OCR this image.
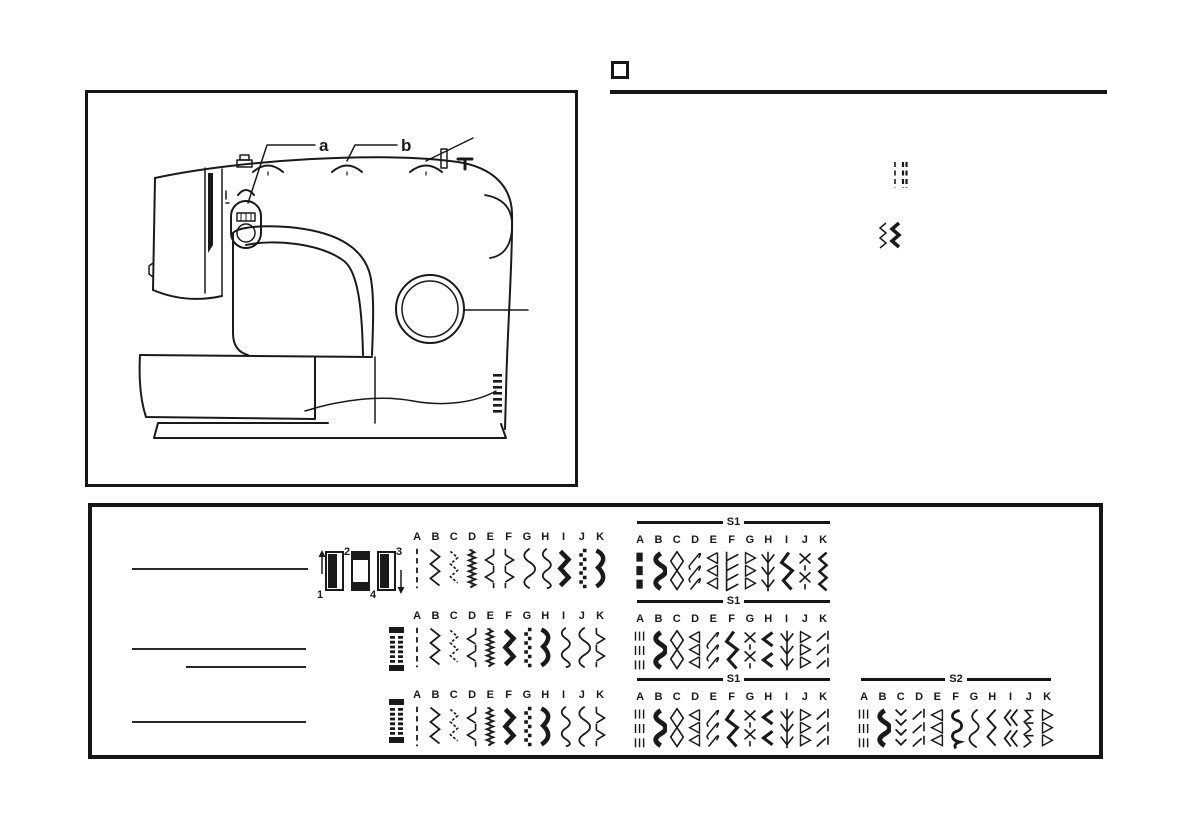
a	b
1
2
4
3
A B C D E F G H I J K
S1
A B C D E F G H I J K
A B C D E F G H I J K
S1
A B C D E F G H I J K
A B C D E F G H I J K
S1
A B C D E F G H I J K
S2
A B C D E F G H I J K
